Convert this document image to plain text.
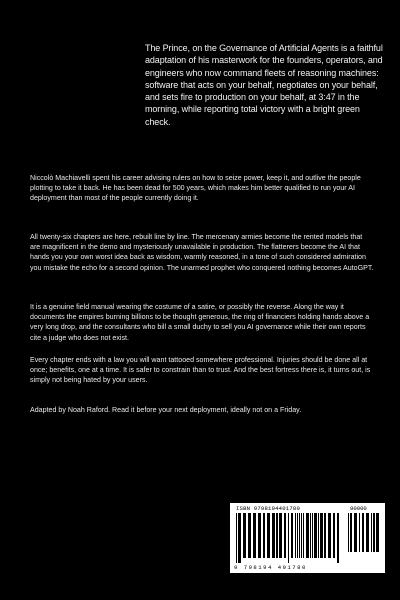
The Prince, on the Governance of Artificial Agents is a faithful adaptation of his masterwork for the founders, operators, and engineers who now command fleets of reasoning machines: software that acts on your behalf, negotiates on your behalf, and sets fire to production on your behalf, at 3:47 in the morning, while reporting total victory with a bright green check.

Niccolò Machiavelli spent his career advising rulers on how to seize power, keep it, and outlive the people plotting to take it back. He has been dead for 500 years, which makes him better qualified to run your AI deployment than most of the people currently doing it.

All twenty-six chapters are here, rebuilt line by line. The mercenary armies become the rented models that are magnificent in the demo and mysteriously unavailable in production. The flatterers become the AI that hands you your own worst idea back as wisdom, warmly reasoned, in a tone of such considered admiration you mistake the echo for a second opinion. The unarmed prophet who conquered nothing becomes AutoGPT.

It is a genuine field manual wearing the costume of a satire, or possibly the reverse. Along the way it documents the empires burning billions to be thought generous, the ring of financiers holding hands above a very long drop, and the consultants who bill a small duchy to sell you AI governance while their own reports cite a judge who does not exist.

Every chapter ends with a law you will want tattooed somewhere professional. Injuries should be done all at once; benefits, one at a time. It is safer to constrain than to trust. And the best fortress there is, it turns out, is simply not being hated by your users.

Adapted by Noah Raford. Read it before your next deployment, ideally not on a Friday.

ISBN 9798194401780	90000
9 798194 401780
